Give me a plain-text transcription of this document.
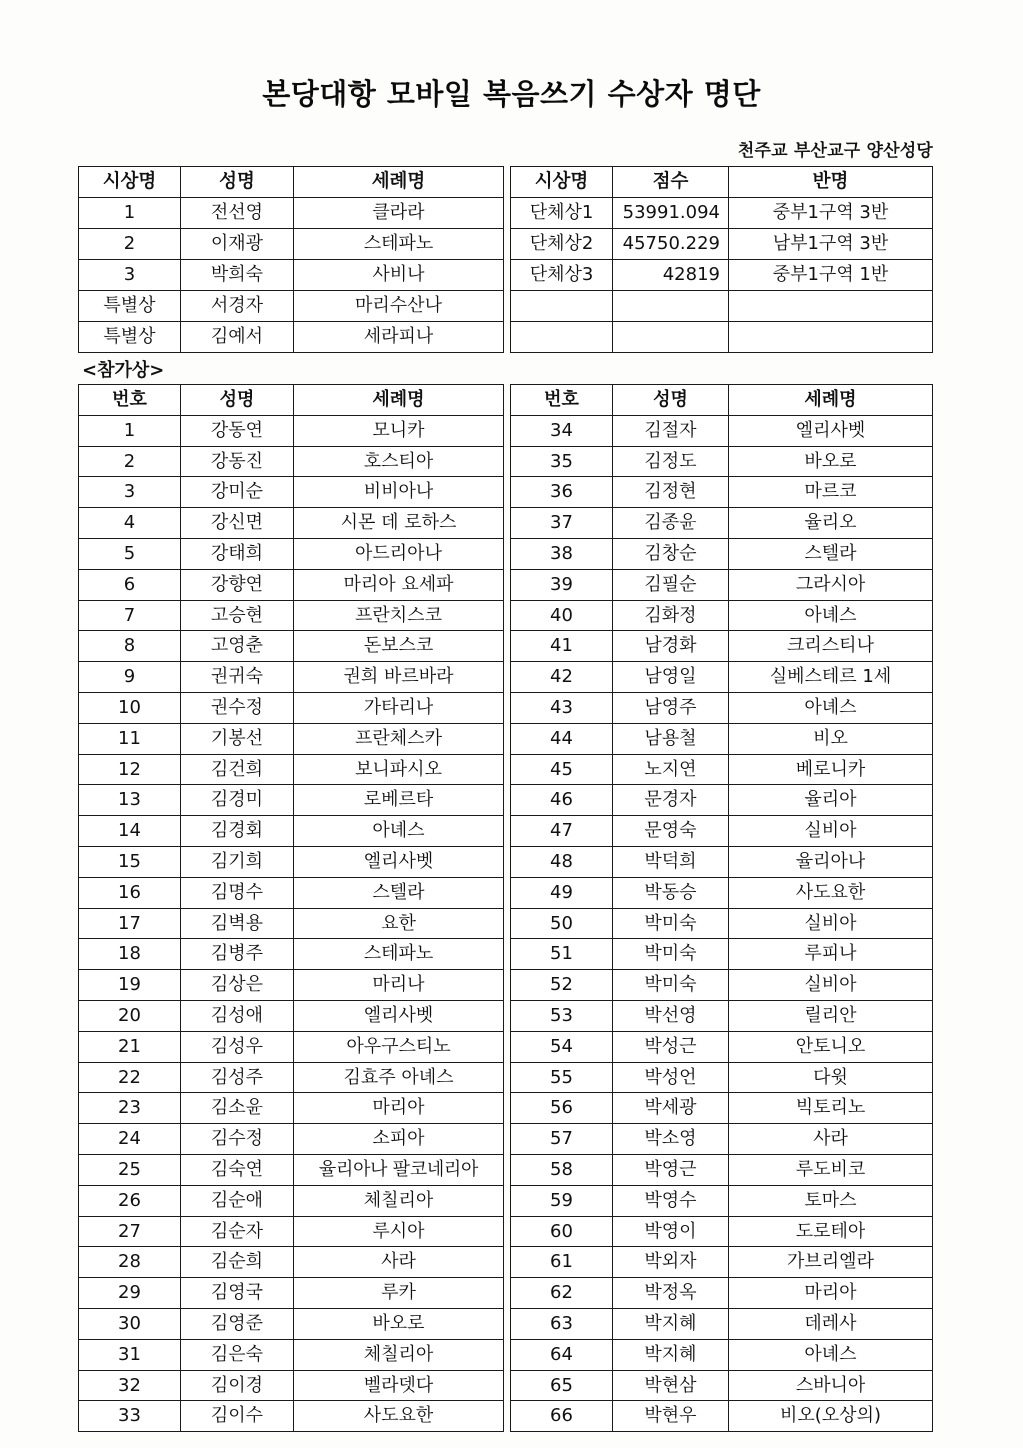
본당대항 모바일 복음쓰기 수상자 명단
천주교 부산교구 양산성당
시상명	성명	세례명
1	전선영	클라라
2	이재광	스테파노
3	박희숙	사비나
특별상	서경자	마리수산나
특별상	김예서	세라피나
시상명	점수	반명
단체상1	53991.094	중부1구역 3반
단체상2	45750.229	남부1구역 3반
단체상3	42819	중부1구역 1반

<참가상>
번호	성명	세례명
1	강동연	모니카
2	강동진	호스티아
3	강미순	비비아나
4	강신면	시몬 데 로하스
5	강태희	아드리아나
6	강향연	마리아 요세파
7	고승현	프란치스코
8	고영춘	돈보스코
9	권귀숙	권희 바르바라
10	권수정	가타리나
11	기봉선	프란체스카
12	김건희	보니파시오
13	김경미	로베르타
14	김경회	아녜스
15	김기희	엘리사벳
16	김명수	스텔라
17	김벽용	요한
18	김병주	스테파노
19	김상은	마리나
20	김성애	엘리사벳
21	김성우	아우구스티노
22	김성주	김효주 아녜스
23	김소윤	마리아
24	김수정	소피아
25	김숙연	율리아나 팔코네리아
26	김순애	체칠리아
27	김순자	루시아
28	김순희	사라
29	김영국	루카
30	김영준	바오로
31	김은숙	체칠리아
32	김이경	벨라뎃다
33	김이수	사도요한
번호	성명	세례명
34	김절자	엘리사벳
35	김정도	바오로
36	김정현	마르코
37	김종윤	율리오
38	김창순	스텔라
39	김필순	그라시아
40	김화정	아녜스
41	남경화	크리스티나
42	남영일	실베스테르 1세
43	남영주	아녜스
44	남용철	비오
45	노지연	베로니카
46	문경자	율리아
47	문영숙	실비아
48	박덕희	율리아나
49	박동승	사도요한
50	박미숙	실비아
51	박미숙	루피나
52	박미숙	실비아
53	박선영	릴리안
54	박성근	안토니오
55	박성언	다윗
56	박세광	빅토리노
57	박소영	사라
58	박영근	루도비코
59	박영수	토마스
60	박영이	도로테아
61	박외자	가브리엘라
62	박정옥	마리아
63	박지혜	데레사
64	박지혜	아녜스
65	박현삼	스바니아
66	박현우	비오(오상의)
